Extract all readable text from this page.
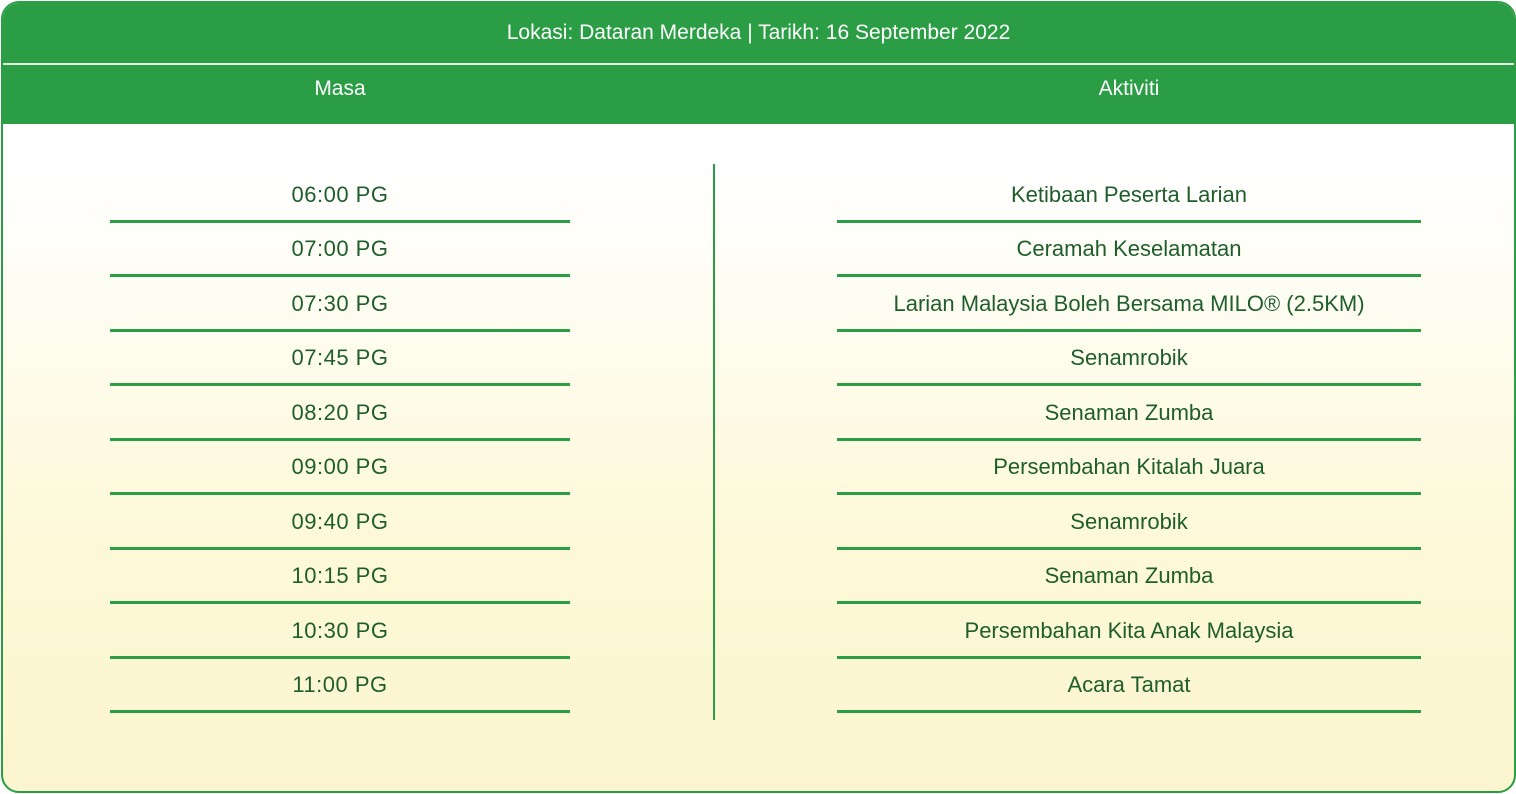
Lokasi: Dataran Merdeka | Tarikh: 16 September 2022
Masa	Aktiviti
06:00 PG
07:00 PG
07:30 PG
07:45 PG
08:20 PG
09:00 PG
09:40 PG
10:15 PG
10:30 PG
11:00 PG
Ketibaan Peserta Larian
Ceramah Keselamatan
Larian Malaysia Boleh Bersama MILO® (2.5KM)
Senamrobik
Senaman Zumba
Persembahan Kitalah Juara
Senamrobik
Senaman Zumba
Persembahan Kita Anak Malaysia
Acara Tamat
